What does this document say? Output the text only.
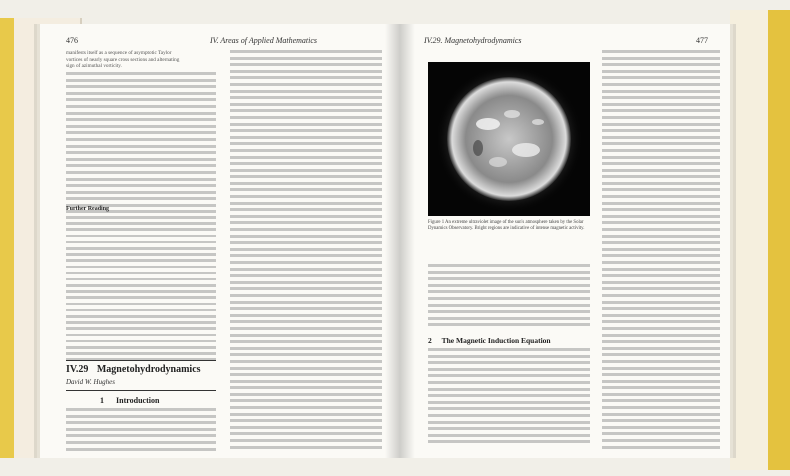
476	IV. Areas of Applied Mathematics
manifests itself as a sequence of asymptotic Taylor
vortices of nearly square cross sections and alternating
sign of azimuthal vorticity.
Further Reading
IV.29 Magnetohydrodynamics
David W. Hughes
1 Introduction
IV.29. Magnetohydrodynamics	477
Figure 1 An extreme ultraviolet image of the sun's atmosphere taken by the Solar Dynamics Observatory. Bright regions are indicative of intense magnetic activity.
2 The Magnetic Induction Equation
